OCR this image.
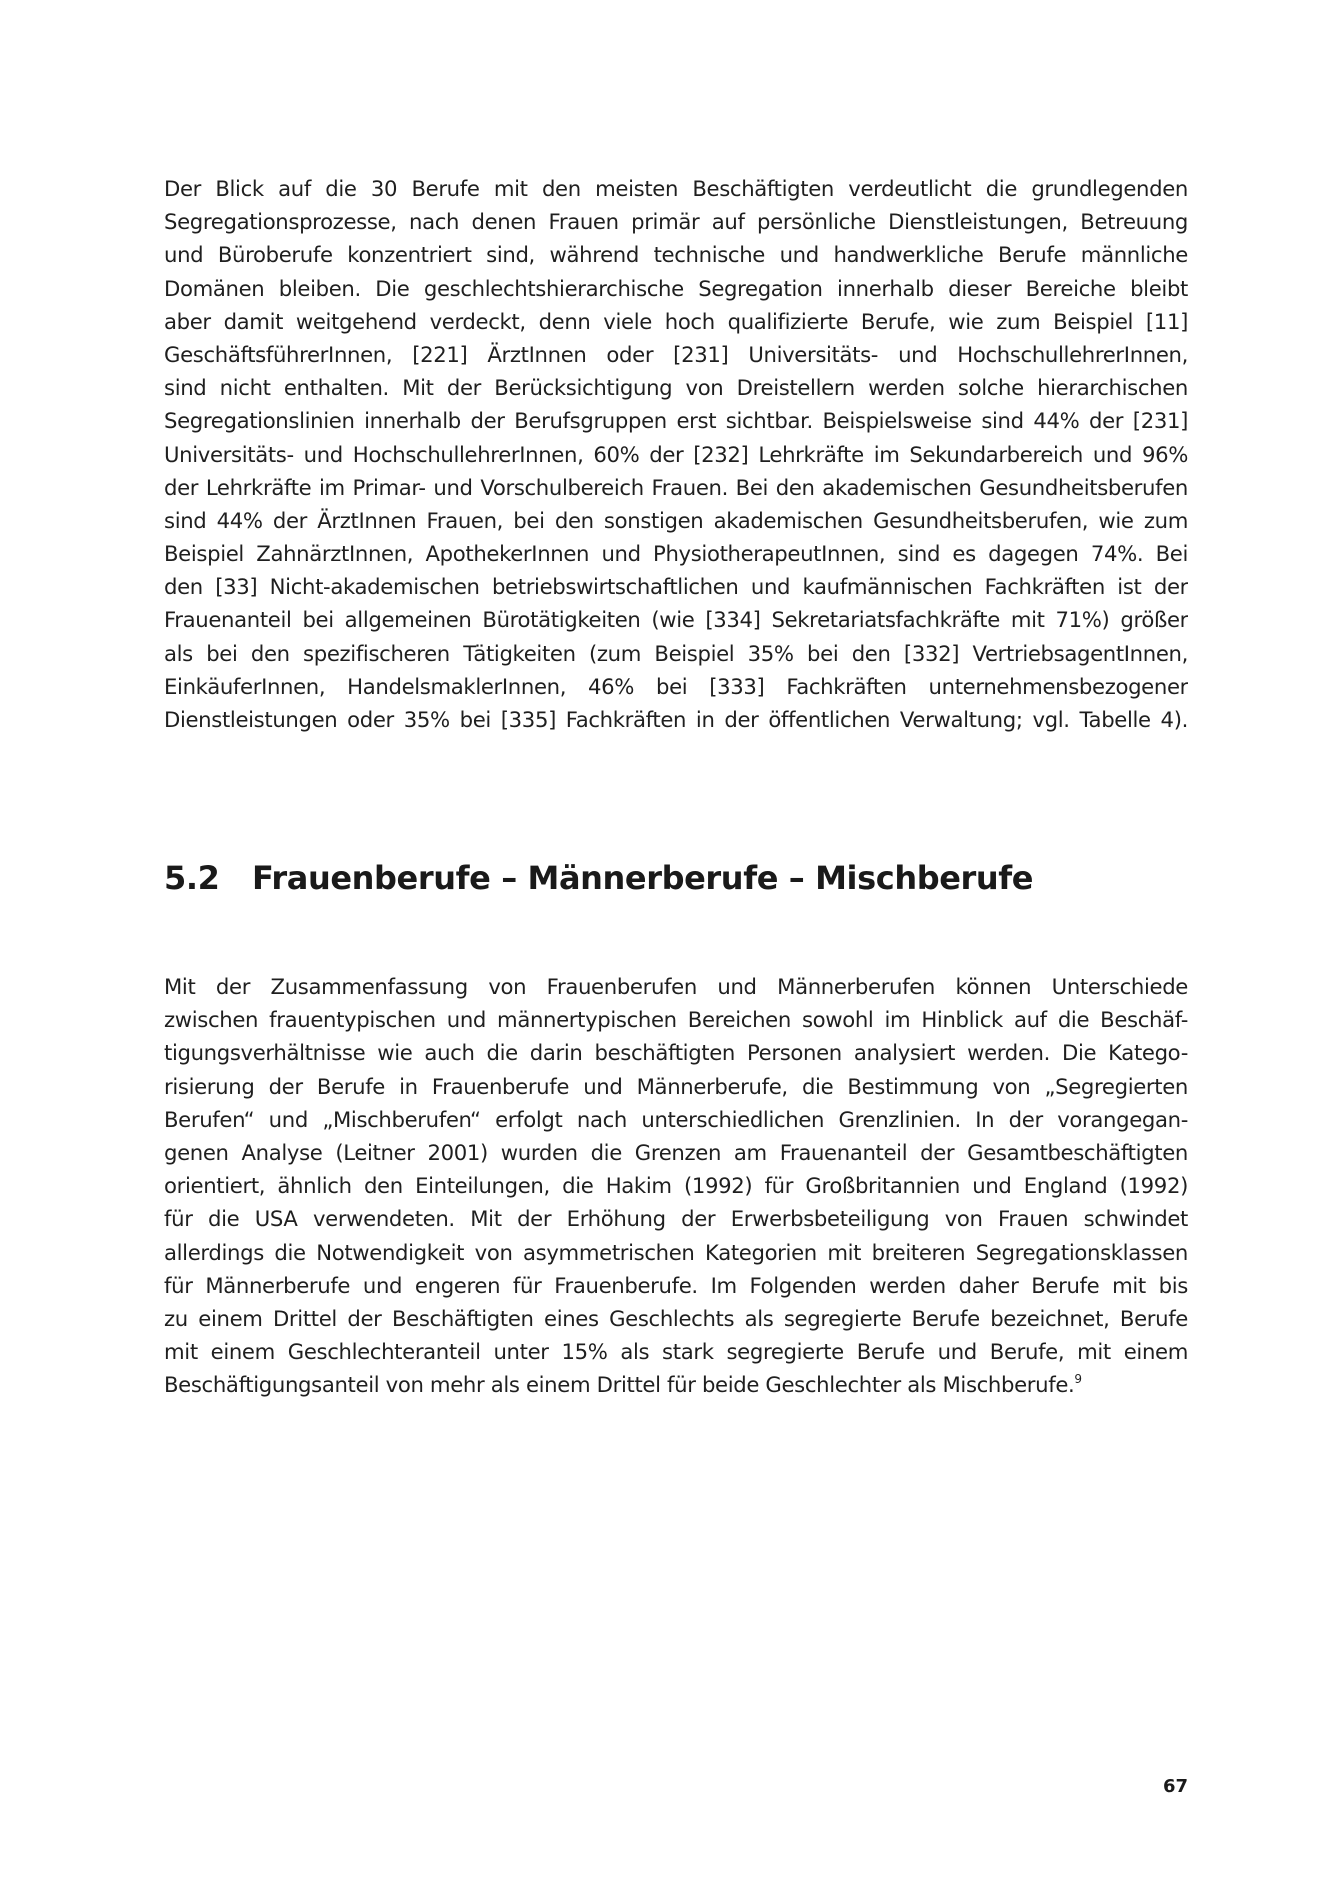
Der Blick auf die 30 Berufe mit den meisten Beschäftigten verdeutlicht die grundlegenden
Segregationsprozesse, nach denen Frauen primär auf persönliche Dienstleistungen, Betreuung
und Büroberufe konzentriert sind, während technische und handwerkliche Berufe männliche
Domänen bleiben. Die geschlechtshierarchische Segregation innerhalb dieser Bereiche bleibt
aber damit weitgehend verdeckt, denn viele hoch qualifizierte Berufe, wie zum Beispiel [11]
GeschäftsführerInnen, [221] ÄrztInnen oder [231] Universitäts- und HochschullehrerInnen,
sind nicht enthalten. Mit der Berücksichtigung von Dreistellern werden solche hierarchischen
Segregationslinien innerhalb der Berufsgruppen erst sichtbar. Beispielsweise sind 44% der [231]
Universitäts- und HochschullehrerInnen, 60% der [232] Lehrkräfte im Sekundarbereich und 96%
der Lehrkräfte im Primar- und Vorschulbereich Frauen. Bei den akademischen Gesundheitsberufen
sind 44% der ÄrztInnen Frauen, bei den sonstigen akademischen Gesundheitsberufen, wie zum
Beispiel ZahnärztInnen, ApothekerInnen und PhysiotherapeutInnen, sind es dagegen 74%. Bei
den [33] Nicht-akademischen betriebswirtschaftlichen und kaufmännischen Fachkräften ist der
Frauenanteil bei allgemeinen Bürotätigkeiten (wie [334] Sekretariatsfachkräfte mit 71%) größer
als bei den spezifischeren Tätigkeiten (zum Beispiel 35% bei den [332] VertriebsagentInnen,
EinkäuferInnen, HandelsmaklerInnen, 46% bei [333] Fachkräften unternehmensbezogener
Dienstleistungen oder 35% bei [335] Fachkräften in der öffentlichen Verwaltung; vgl. Tabelle 4).
5.2 Frauenberufe – Männerberufe – Mischberufe
Mit der Zusammenfassung von Frauenberufen und Männerberufen können Unterschiede
zwischen frauentypischen und männertypischen Bereichen sowohl im Hinblick auf die Beschäf-
tigungsverhältnisse wie auch die darin beschäftigten Personen analysiert werden. Die Katego-
risierung der Berufe in Frauenberufe und Männerberufe, die Bestimmung von „Segregierten
Berufen“ und „Mischberufen“ erfolgt nach unterschiedlichen Grenzlinien. In der vorangegan-
genen Analyse (Leitner 2001) wurden die Grenzen am Frauenanteil der Gesamtbeschäftigten
orientiert, ähnlich den Einteilungen, die Hakim (1992) für Großbritannien und England (1992)
für die USA verwendeten. Mit der Erhöhung der Erwerbsbeteiligung von Frauen schwindet
allerdings die Notwendigkeit von asymmetrischen Kategorien mit breiteren Segregationsklassen
für Männerberufe und engeren für Frauenberufe. Im Folgenden werden daher Berufe mit bis
zu einem Drittel der Beschäftigten eines Geschlechts als segregierte Berufe bezeichnet, Berufe
mit einem Geschlechteranteil unter 15% als stark segregierte Berufe und Berufe, mit einem
Beschäftigungsanteil von mehr als einem Drittel für beide Geschlechter als Mischberufe.$^9$
67
